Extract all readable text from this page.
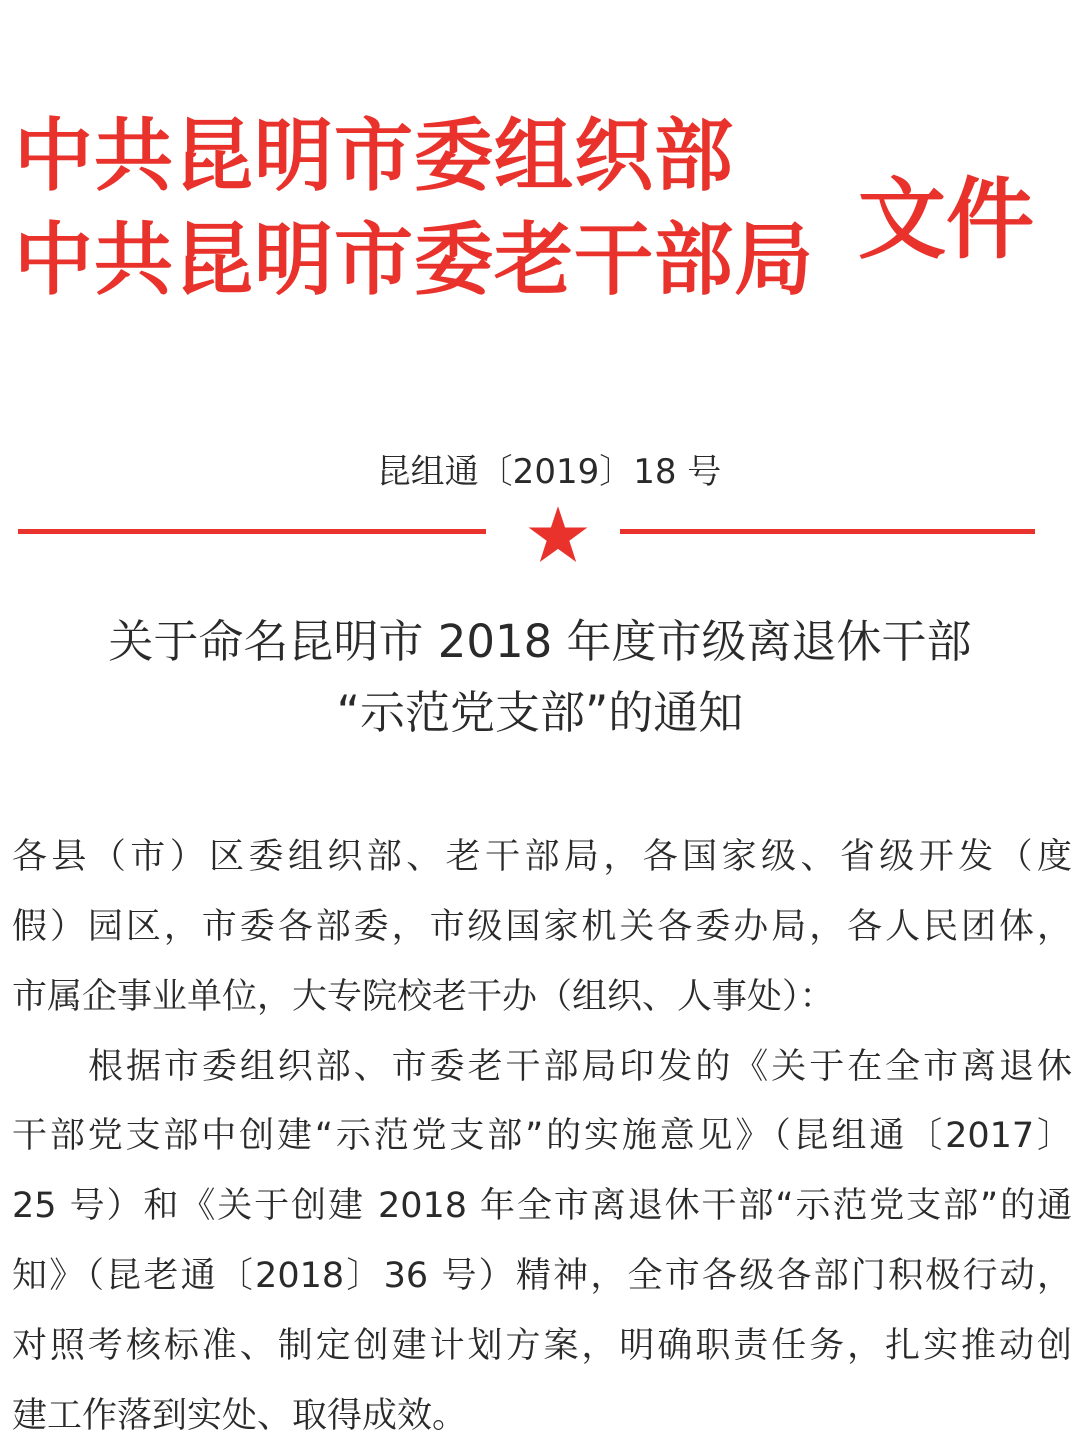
中共昆明市委组织部
中共昆明市委老干部局 文件
昆组通〔2019〕18 号
关于命名昆明市 2018 年度市级离退休干部
“示范党支部”的通知
各县（市）区委组织部、老干部局，各国家级、省级开发（度
假）园区，市委各部委，市级国家机关各委办局，各人民团体，
市属企事业单位，大专院校老干办（组织、人事处）：
根据市委组织部、市委老干部局印发的《关于在全市离退休
干部党支部中创建“示范党支部”的实施意见》（昆组通〔2017〕
25 号）和《关于创建 2018 年全市离退休干部“示范党支部”的通
知》（昆老通〔2018〕36 号）精神，全市各级各部门积极行动，
对照考核标准、制定创建计划方案，明确职责任务，扎实推动创
建工作落到实处、取得成效。
